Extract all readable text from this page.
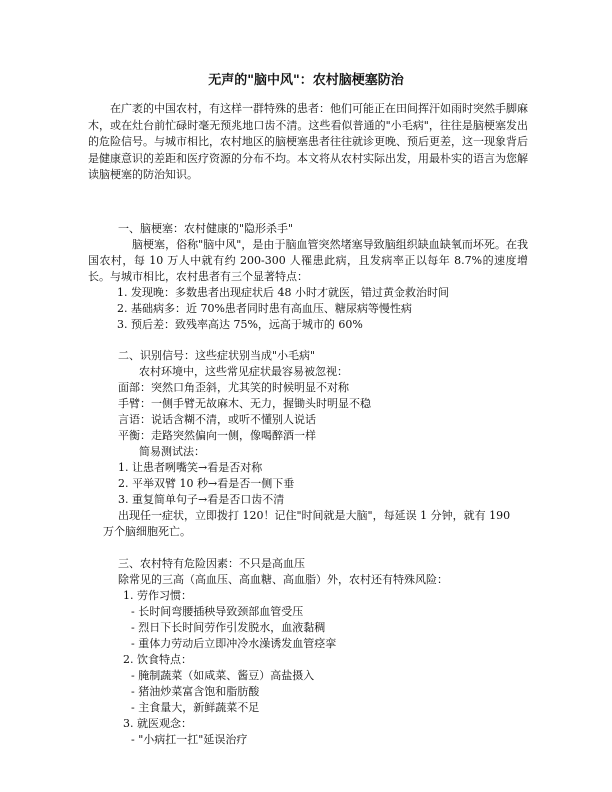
无声的"脑中风"：农村脑梗塞防治
在广袤的中国农村，有这样一群特殊的患者：他们可能正在田间挥汗如雨时突然手脚麻木，或在灶台前忙碌时毫无预兆地口齿不清。这些看似普通的"小毛病"，往往是脑梗塞发出的危险信号。与城市相比，农村地区的脑梗塞患者往往就诊更晚、预后更差，这一现象背后是健康意识的差距和医疗资源的分布不均。本文将从农村实际出发，用最朴实的语言为您解读脑梗塞的防治知识。
一、脑梗塞：农村健康的"隐形杀手"
脑梗塞，俗称"脑中风"，是由于脑血管突然堵塞导致脑组织缺血缺氧而坏死。在我国农村，每 10 万人中就有约 200-300 人罹患此病，且发病率正以每年 8.7%的速度增长。与城市相比，农村患者有三个显著特点：
1. 发现晚：多数患者出现症状后 48 小时才就医，错过黄金救治时间
2. 基础病多：近 70%患者同时患有高血压、糖尿病等慢性病
3. 预后差：致残率高达 75%，远高于城市的 60%
二、识别信号：这些症状别当成"小毛病"
农村环境中，这些常见症状最容易被忽视：
面部：突然口角歪斜，尤其笑的时候明显不对称
手臂：一侧手臂无故麻木、无力，握锄头时明显不稳
言语：说话含糊不清，或听不懂别人说话
平衡：走路突然偏向一侧，像喝醉酒一样
简易测试法：
1. 让患者咧嘴笑→看是否对称
2. 平举双臂 10 秒→看是否一侧下垂
3. 重复简单句子→看是否口齿不清
出现任一症状，立即拨打 120！记住"时间就是大脑"，每延误 1 分钟，就有 190 万个脑细胞死亡。
三、农村特有危险因素：不只是高血压
除常见的三高（高血压、高血糖、高血脂）外，农村还有特殊风险：
1. 劳作习惯：
- 长时间弯腰插秧导致颈部血管受压
- 烈日下长时间劳作引发脱水，血液黏稠
- 重体力劳动后立即冲冷水澡诱发血管痉挛
2. 饮食特点：
- 腌制蔬菜（如咸菜、酱豆）高盐摄入
- 猪油炒菜富含饱和脂肪酸
- 主食量大，新鲜蔬菜不足
3. 就医观念：
- "小病扛一扛"延误治疗
